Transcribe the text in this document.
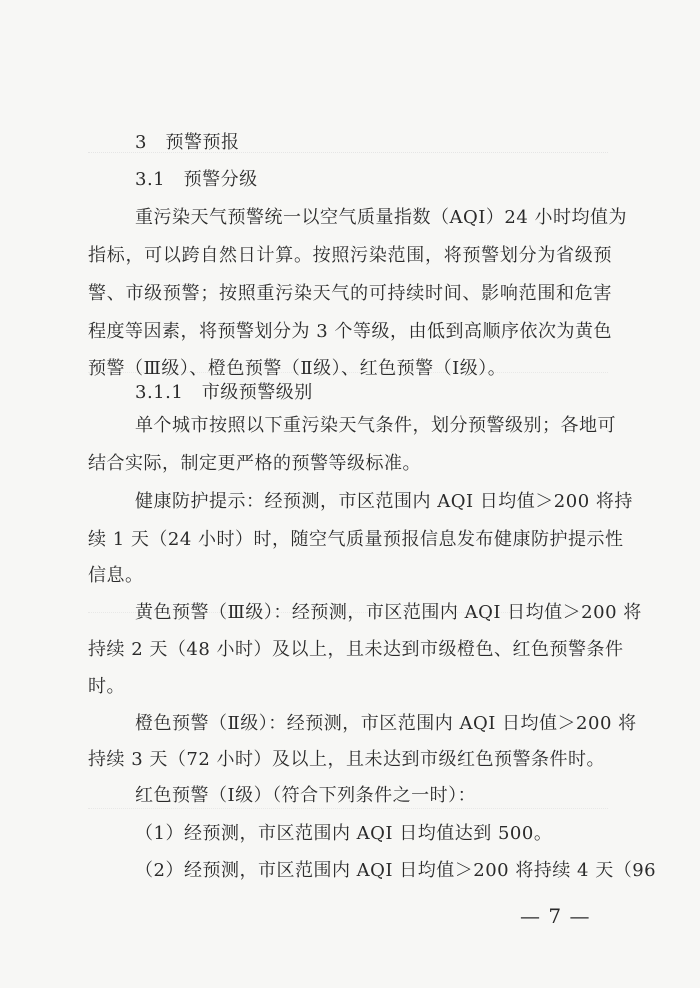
3　预警预报
3.1　预警分级
重污染天气预警统一以空气质量指数（AQI）24 小时均值为
指标，可以跨自然日计算。按照污染范围，将预警划分为省级预
警、市级预警；按照重污染天气的可持续时间、影响范围和危害
程度等因素，将预警划分为 3 个等级，由低到高顺序依次为黄色
预警（Ⅲ级）、橙色预警（Ⅱ级）、红色预警（Ⅰ级）。
3.1.1　市级预警级别
单个城市按照以下重污染天气条件，划分预警级别；各地可
结合实际，制定更严格的预警等级标准。
健康防护提示：经预测，市区范围内 AQI 日均值＞200 将持
续 1 天（24 小时）时，随空气质量预报信息发布健康防护提示性
信息。
黄色预警（Ⅲ级）：经预测，市区范围内 AQI 日均值＞200 将
持续 2 天（48 小时）及以上，且未达到市级橙色、红色预警条件
时。
橙色预警（Ⅱ级）：经预测，市区范围内 AQI 日均值＞200 将
持续 3 天（72 小时）及以上，且未达到市级红色预警条件时。
红色预警（Ⅰ级）（符合下列条件之一时）：
（1）经预测，市区范围内 AQI 日均值达到 500。
（2）经预测，市区范围内 AQI 日均值＞200 将持续 4 天（96
— 7 —
